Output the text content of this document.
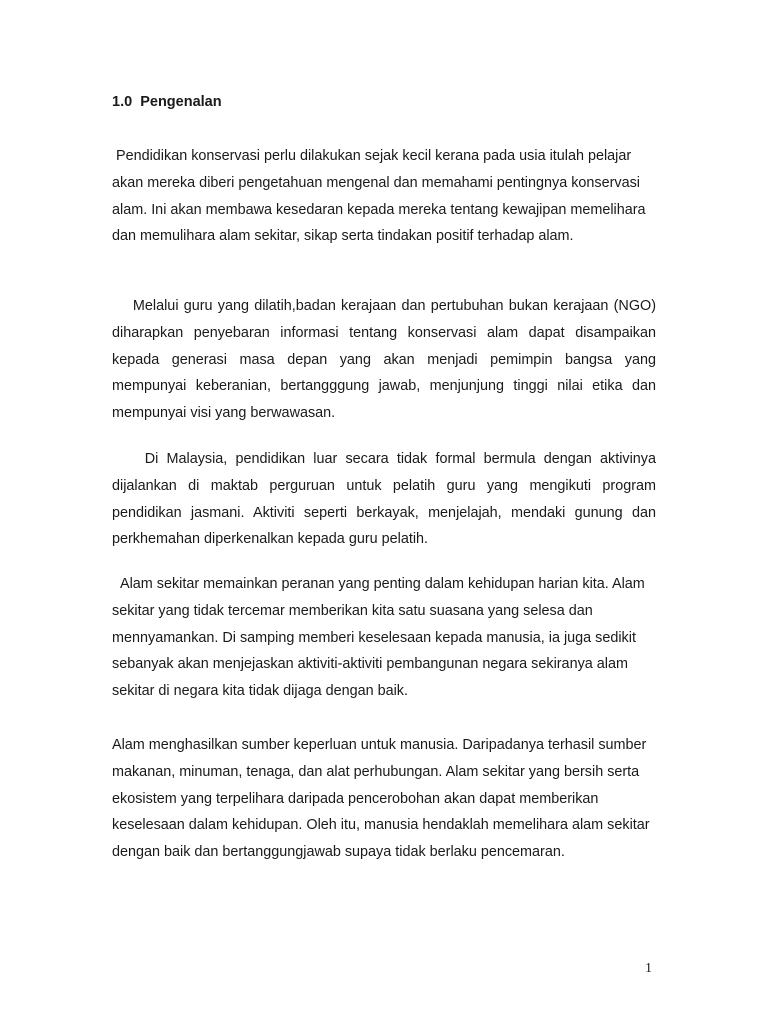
1.0  Pengenalan

Pendidikan konservasi perlu dilakukan sejak kecil kerana pada usia itulah pelajar akan mereka diberi pengetahuan mengenal dan memahami pentingnya konservasi alam. Ini akan membawa kesedaran kepada mereka tentang kewajipan memelihara dan memulihara alam sekitar, sikap serta tindakan positif terhadap alam.

Melalui guru yang dilatih,badan kerajaan dan pertubuhan bukan kerajaan (NGO)   diharapkan penyebaran informasi tentang konservasi alam dapat disampaikan kepada generasi masa depan yang akan menjadi pemimpin bangsa yang mempunyai keberanian, bertangggung jawab, menjunjung tinggi nilai etika dan mempunyai visi yang berwawasan.

Di Malaysia, pendidikan luar secara tidak formal bermula dengan aktivinya dijalankan di maktab perguruan untuk pelatih guru yang mengikuti program pendidikan jasmani. Aktiviti seperti berkayak, menjelajah, mendaki gunung dan perkhemahan diperkenalkan kepada guru pelatih.

Alam sekitar memainkan peranan yang penting dalam kehidupan harian kita. Alam sekitar yang tidak tercemar memberikan kita satu suasana yang selesa dan mennyamankan. Di samping memberi keselesaan kepada manusia, ia juga sedikit sebanyak akan menjejaskan aktiviti-aktiviti pembangunan negara sekiranya alam sekitar di negara kita tidak dijaga dengan baik.

Alam menghasilkan sumber keperluan untuk manusia. Daripadanya terhasil sumber makanan, minuman, tenaga, dan alat perhubungan. Alam sekitar yang bersih serta ekosistem yang terpelihara daripada pencerobohan akan dapat memberikan keselesaan dalam kehidupan. Oleh itu, manusia hendaklah memelihara alam sekitar dengan baik dan bertanggungjawab supaya tidak berlaku pencemaran.

1
